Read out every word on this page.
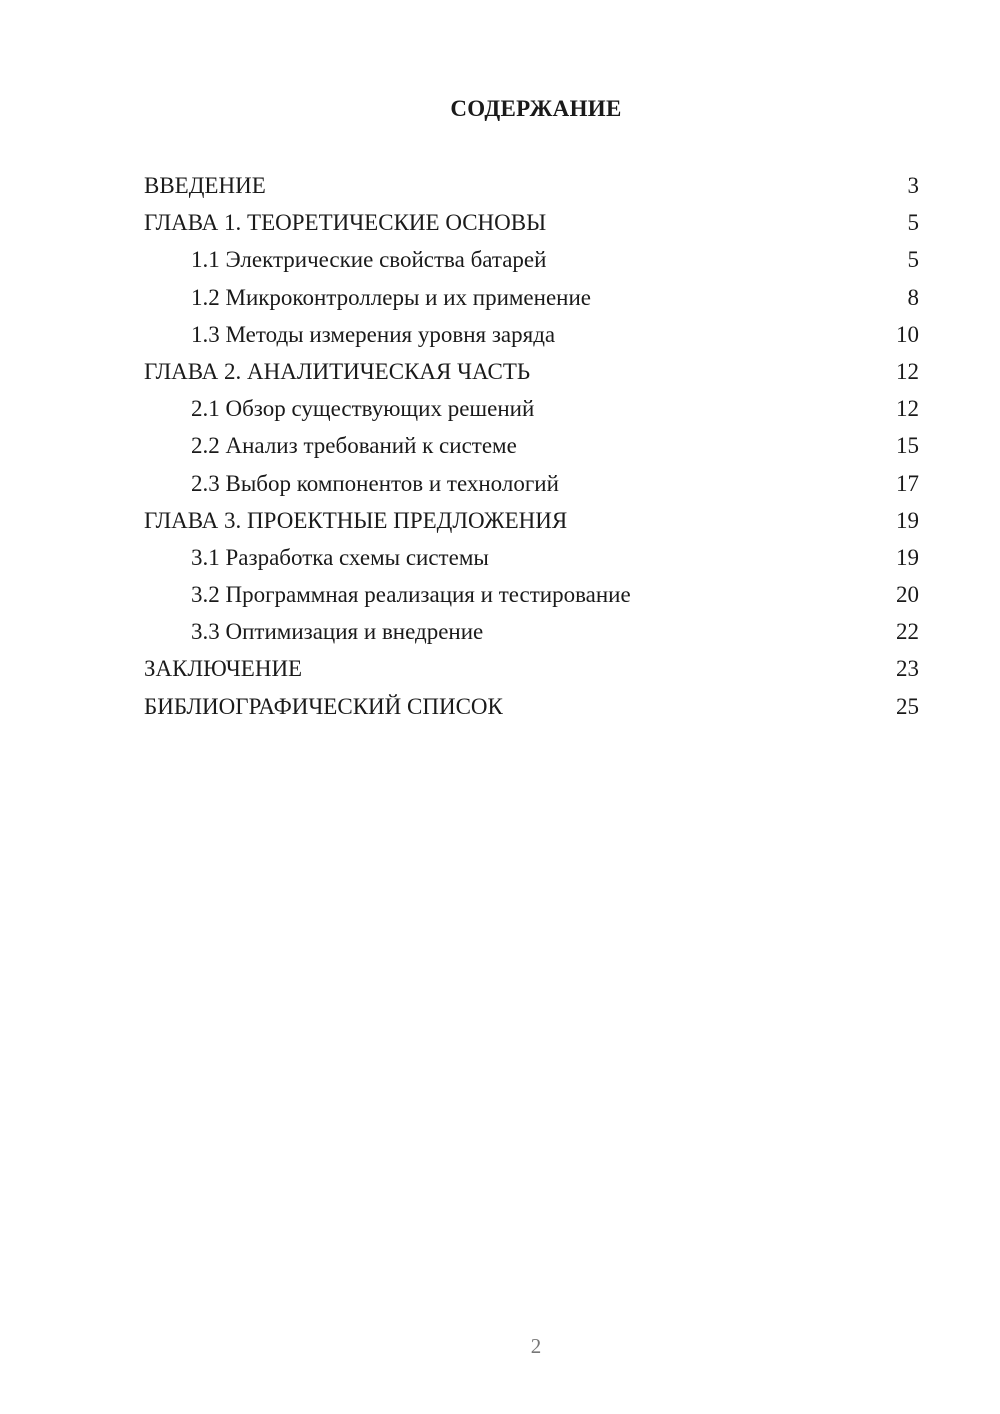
СОДЕРЖАНИЕ
ВВЕДЕНИЕ	3
ГЛАВА 1. ТЕОРЕТИЧЕСКИЕ ОСНОВЫ	5
1.1 Электрические свойства батарей	5
1.2 Микроконтроллеры и их применение	8
1.3 Методы измерения уровня заряда	10
ГЛАВА 2. АНАЛИТИЧЕСКАЯ ЧАСТЬ	12
2.1 Обзор существующих решений	12
2.2 Анализ требований к системе	15
2.3 Выбор компонентов и технологий	17
ГЛАВА 3. ПРОЕКТНЫЕ ПРЕДЛОЖЕНИЯ	19
3.1 Разработка схемы системы	19
3.2 Программная реализация и тестирование	20
3.3 Оптимизация и внедрение	22
ЗАКЛЮЧЕНИЕ	23
БИБЛИОГРАФИЧЕСКИЙ СПИСОК	25
2
